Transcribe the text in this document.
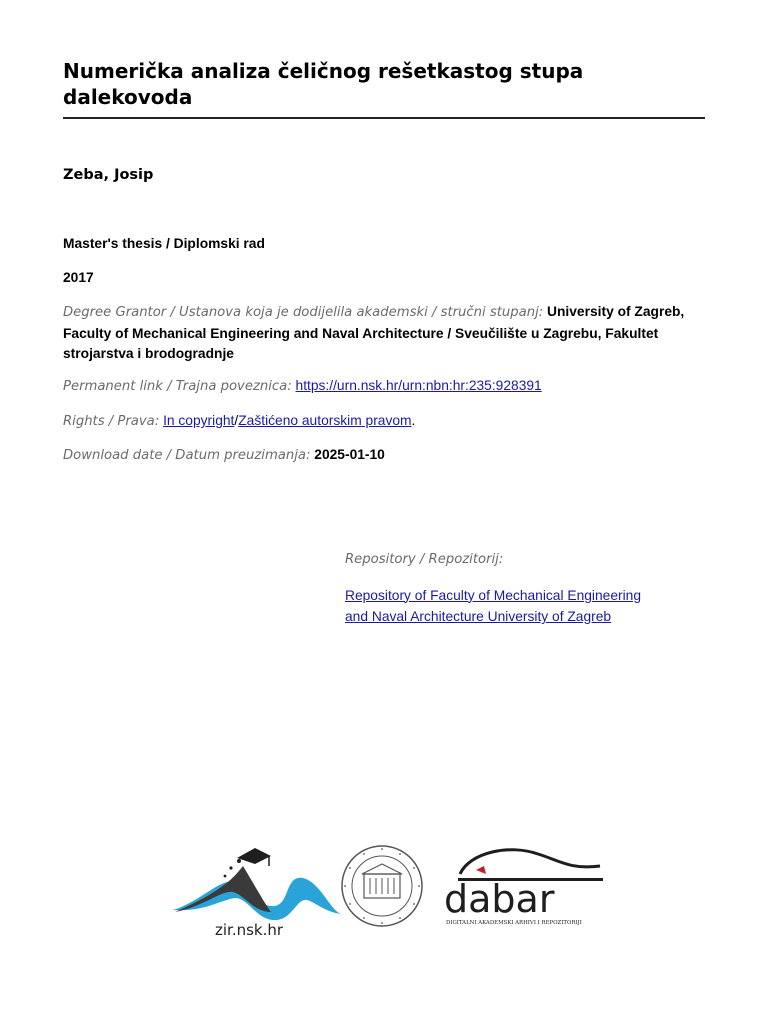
Numerička analiza čeličnog rešetkastog stupa dalekovoda
Zeba, Josip
Master's thesis / Diplomski rad
2017
Degree Grantor / Ustanova koja je dodijelila akademski / stručni stupanj: University of Zagreb, Faculty of Mechanical Engineering and Naval Architecture / Sveučilište u Zagrebu, Fakultet strojarstva i brodogradnje
Permanent link / Trajna poveznica: https://urn.nsk.hr/urn:nbn:hr:235:928391
Rights / Prava: In copyright/Zaštićeno autorskim pravom.
Download date / Datum preuzimanja: 2025-01-10
Repository / Repozitorij:
Repository of Faculty of Mechanical Engineering
and Naval Architecture University of Zagreb
zir.nsk.hr
dabar
DIGITALNI AKADEMSKI ARHIVI I REPOZITORIJI
